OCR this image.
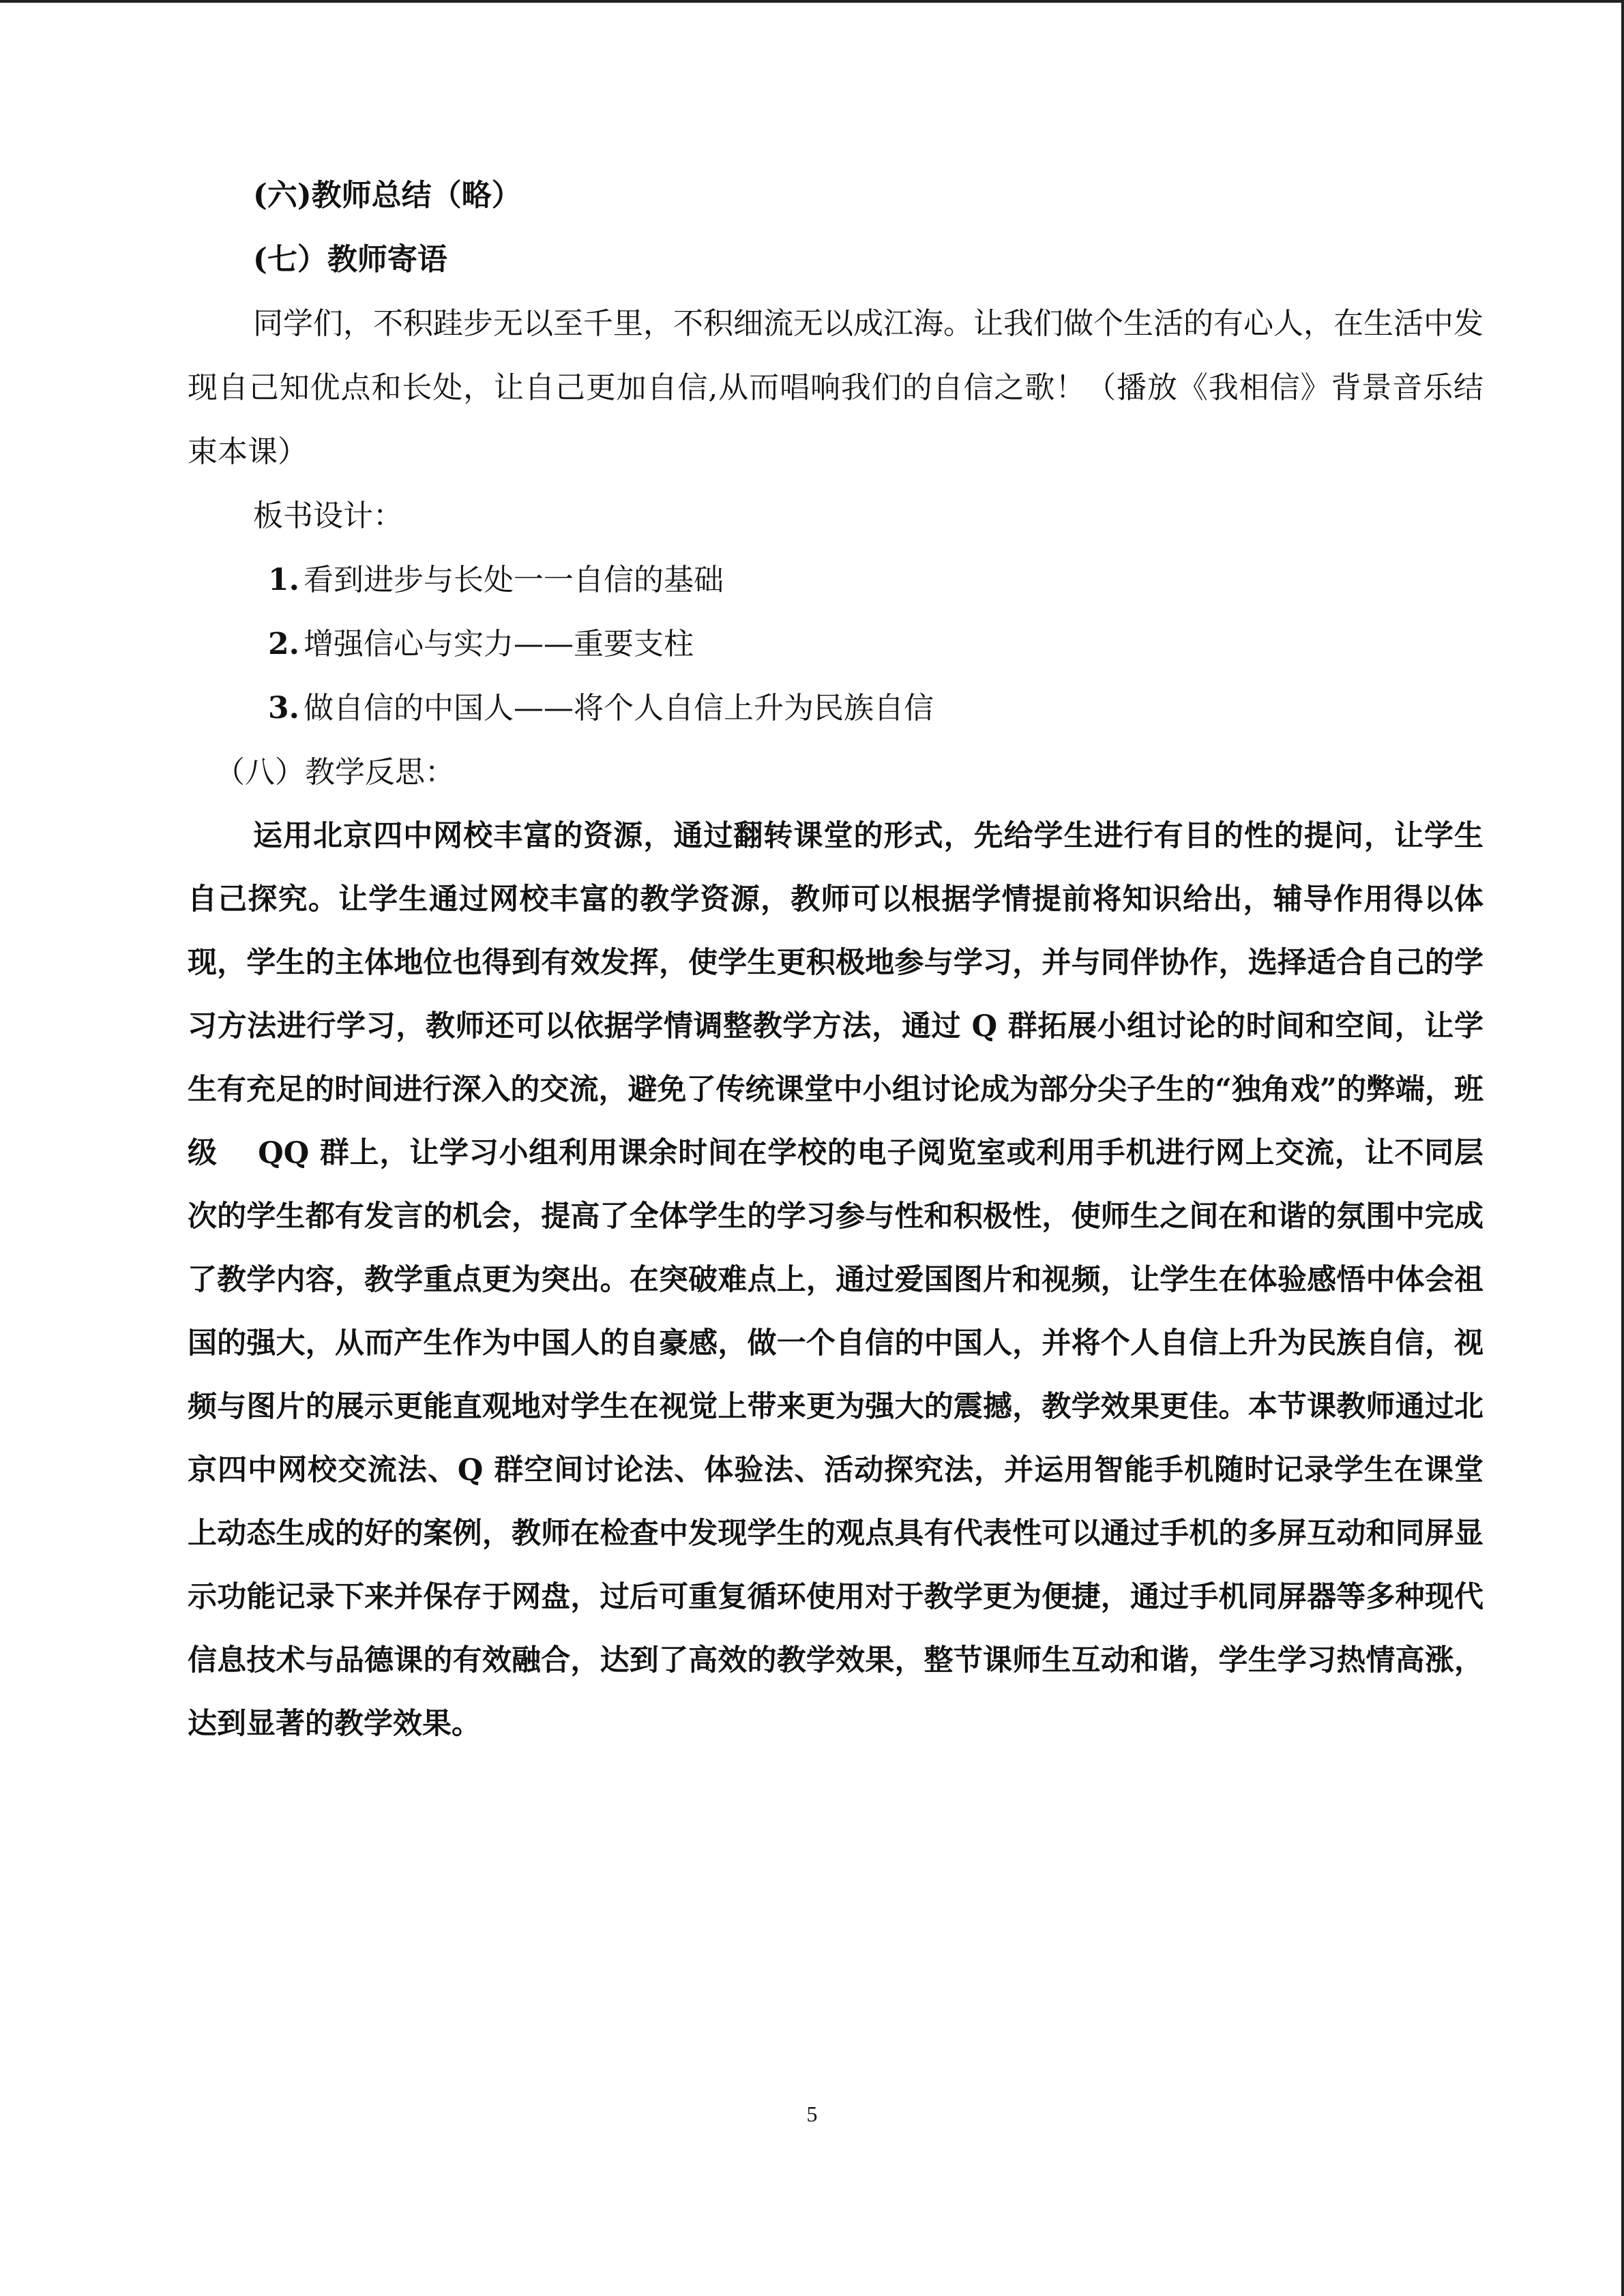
(六)教师总结（略）

(七）教师寄语

同学们，不积跬步无以至千里，不积细流无以成江海。让我们做个生活的有心人，在生活中发现自己知优点和长处，让自己更加自信,从而唱响我们的自信之歌！（播放《我相信》背景音乐结束本课）

板书设计：

1. 看到进步与长处一一自信的基础
2. 增强信心与实力——重要支柱
3. 做自信的中国人——将个人自信上升为民族自信

（八）教学反思：

运用北京四中网校丰富的资源，通过翻转课堂的形式，先给学生进行有目的性的提问，让学生自己探究。让学生通过网校丰富的教学资源，教师可以根据学情提前将知识给出，辅导作用得以体现，学生的主体地位也得到有效发挥，使学生更积极地参与学习，并与同伴协作，选择适合自己的学习方法进行学习，教师还可以依据学情调整教学方法，通过 Q 群拓展小组讨论的时间和空间，让学生有充足的时间进行深入的交流，避免了传统课堂中小组讨论成为部分尖子生的“独角戏”的弊端，班级　 QQ 群上，让学习小组利用课余时间在学校的电子阅览室或利用手机进行网上交流，让不同层次的学生都有发言的机会，提高了全体学生的学习参与性和积极性，使师生之间在和谐的氛围中完成了教学内容，教学重点更为突出。在突破难点上，通过爱国图片和视频，让学生在体验感悟中体会祖国的强大，从而产生作为中国人的自豪感，做一个自信的中国人，并将个人自信上升为民族自信，视频与图片的展示更能直观地对学生在视觉上带来更为强大的震撼，教学效果更佳。本节课教师通过北京四中网校交流法、Q 群空间讨论法、体验法、活动探究法，并运用智能手机随时记录学生在课堂上动态生成的好的案例，教师在检查中发现学生的观点具有代表性可以通过手机的多屏互动和同屏显示功能记录下来并保存于网盘，过后可重复循环使用对于教学更为便捷，通过手机同屏器等多种现代信息技术与品德课的有效融合，达到了高效的教学效果，整节课师生互动和谐，学生学习热情高涨，达到显著的教学效果。

5
